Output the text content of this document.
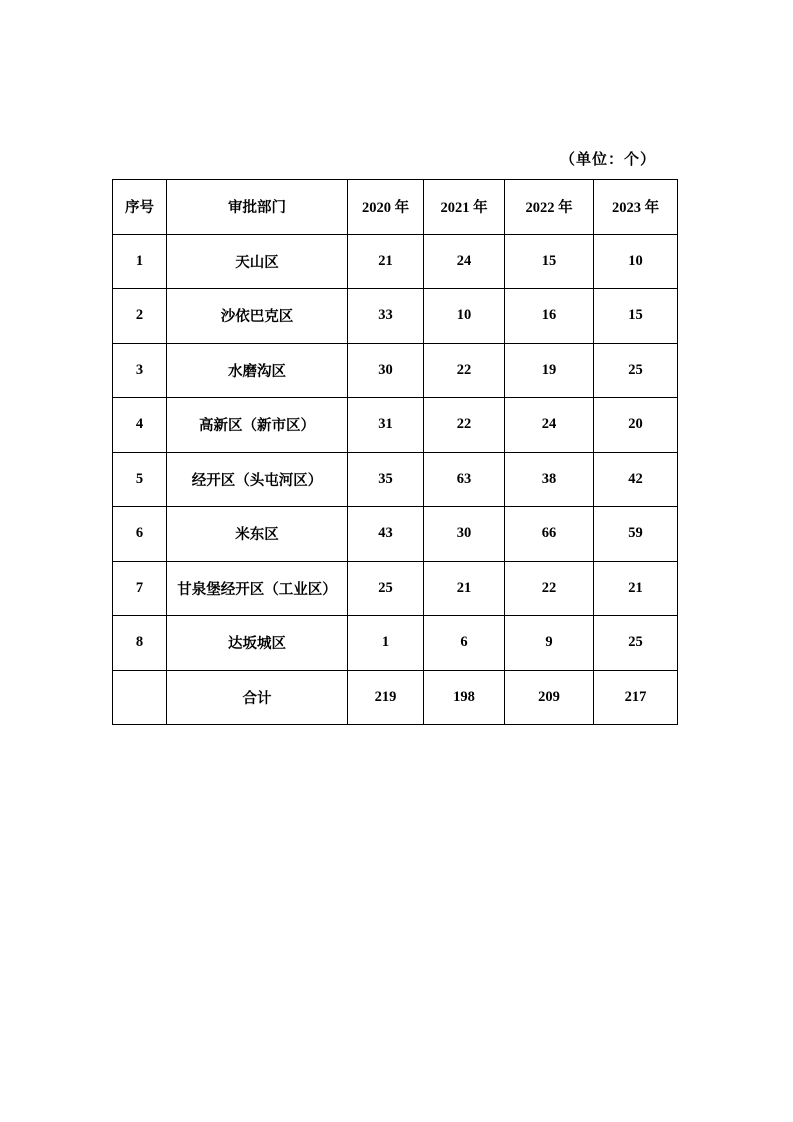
（单位：个）
序号	审批部门	2020 年	2021 年	2022 年	2023 年
1	天山区	21	24	15	10
2	沙依巴克区	33	10	16	15
3	水磨沟区	30	22	19	25
4	高新区（新市区）	31	22	24	20
5	经开区（头屯河区）	35	63	38	42
6	米东区	43	30	66	59
7	甘泉堡经开区（工业区）	25	21	22	21
8	达坂城区	1	6	9	25
	合计	219	198	209	217
